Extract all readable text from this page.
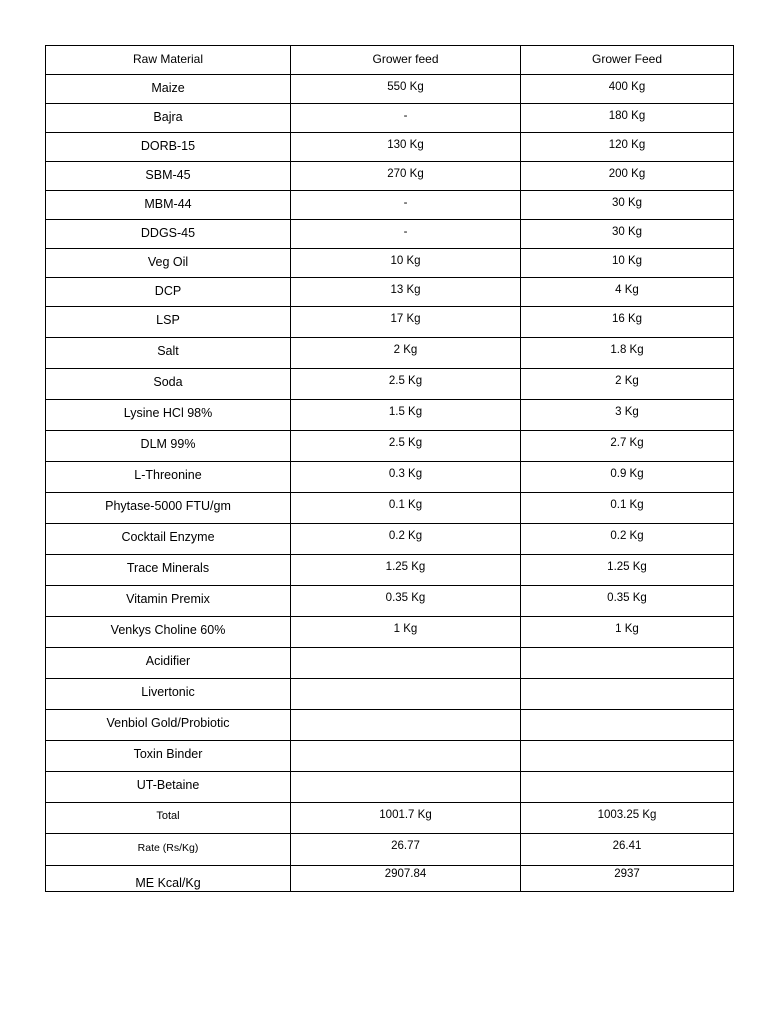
Raw Material	Grower feed	Grower Feed
Maize	550 Kg	400 Kg
Bajra	-	180 Kg
DORB-15	130 Kg	120 Kg
SBM-45	270 Kg	200 Kg
MBM-44	-	30 Kg
DDGS-45	-	30 Kg
Veg Oil	10 Kg	10 Kg
DCP	13 Kg	4 Kg
LSP	17 Kg	16 Kg
Salt	2 Kg	1.8 Kg
Soda	2.5 Kg	2 Kg
Lysine HCl 98%	1.5 Kg	3 Kg
DLM 99%	2.5 Kg	2.7 Kg
L-Threonine	0.3 Kg	0.9 Kg
Phytase-5000 FTU/gm	0.1 Kg	0.1 Kg
Cocktail Enzyme	0.2 Kg	0.2 Kg
Trace Minerals	1.25 Kg	1.25 Kg
Vitamin Premix	0.35 Kg	0.35 Kg
Venkys Choline 60%	1 Kg	1 Kg
Acidifier		
Livertonic		
Venbiol Gold/Probiotic		
Toxin Binder		
UT-Betaine		
Total	1001.7 Kg	1003.25 Kg
Rate (Rs/Kg)	26.77	26.41
ME Kcal/Kg	2907.84	2937
